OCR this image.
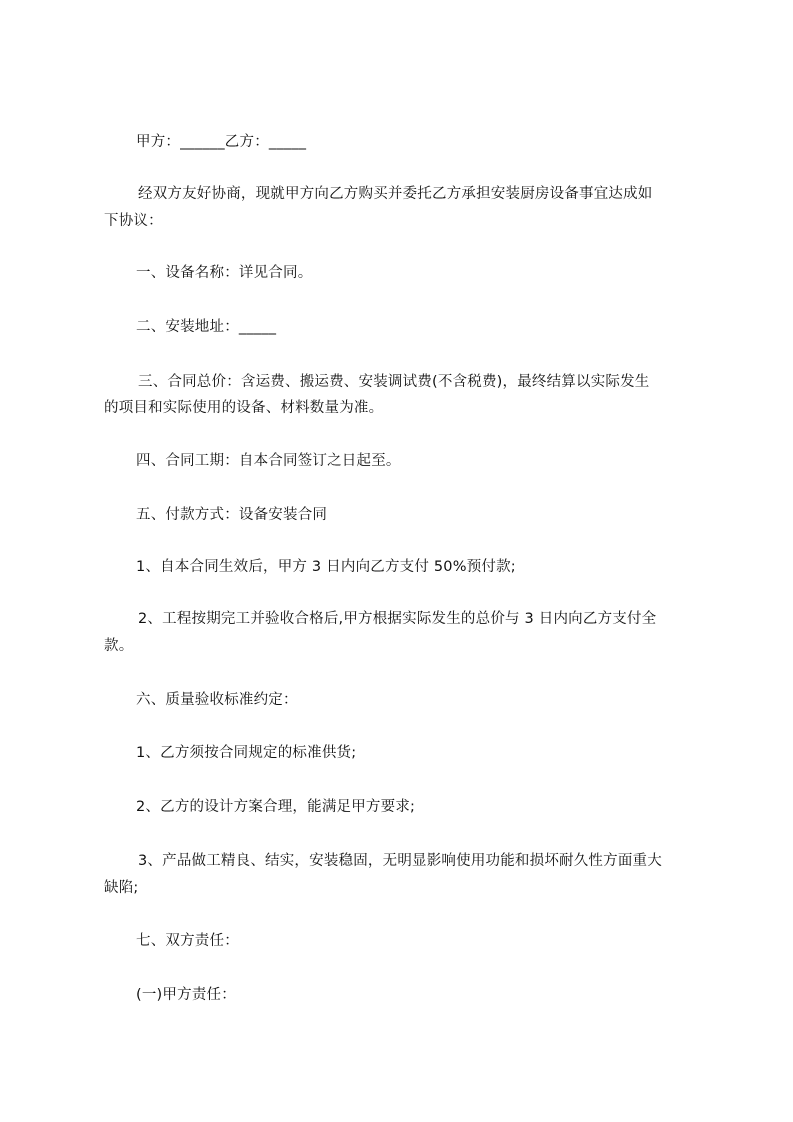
甲方：______乙方：_____
经双方友好协商，现就甲方向乙方购买并委托乙方承担安装厨房设备事宜达成如
下协议：
一、设备名称：详见合同。
二、安装地址：_____
三、合同总价：含运费、搬运费、安装调试费(不含税费)，最终结算以实际发生
的项目和实际使用的设备、材料数量为准。
四、合同工期：自本合同签订之日起至。
五、付款方式：设备安装合同
1、自本合同生效后，甲方 3 日内向乙方支付 50%预付款;
2、工程按期完工并验收合格后,甲方根据实际发生的总价与 3 日内向乙方支付全
款。
六、质量验收标准约定：
1、乙方须按合同规定的标准供货;
2、乙方的设计方案合理，能满足甲方要求;
3、产品做工精良、结实，安装稳固，无明显影响使用功能和损坏耐久性方面重大
缺陷;
七、双方责任：
(一)甲方责任：
